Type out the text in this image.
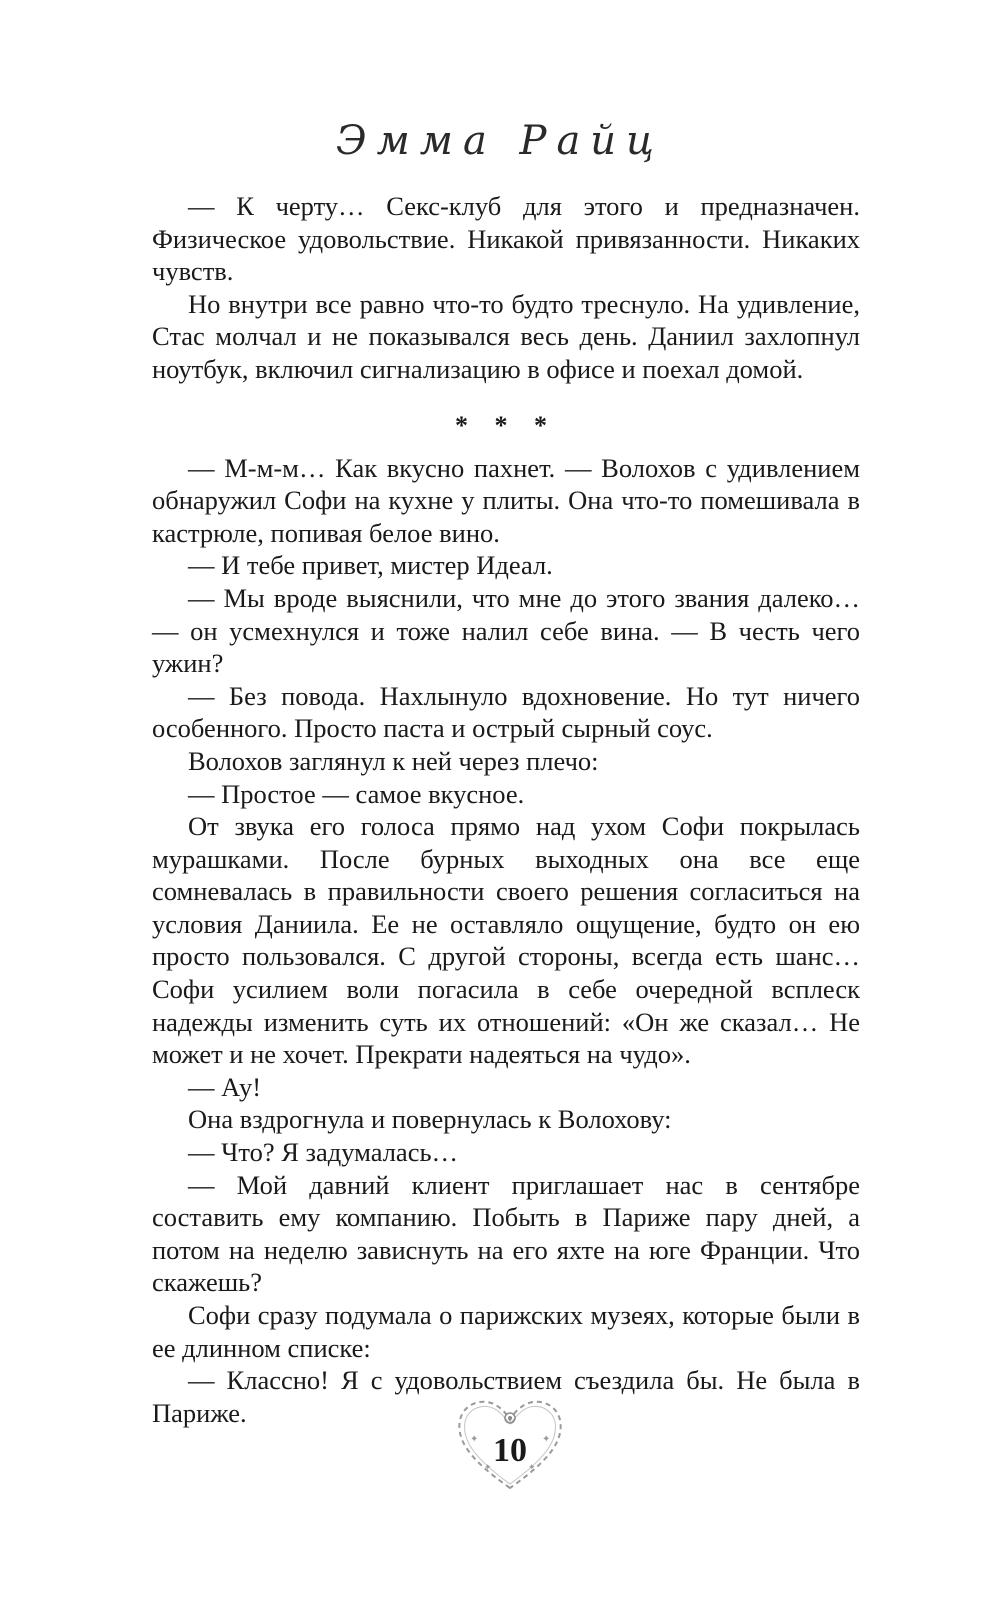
Эмма Райц

— К черту… Секс-клуб для этого и предназначен. Физическое удовольствие. Никакой привязанности. Никаких чувств.

Но внутри все равно что-то будто треснуло. На удивление, Стас молчал и не показывался весь день. Даниил захлопнул ноутбук, включил сигнализацию в офисе и поехал домой.

* * *

— М-м-м… Как вкусно пахнет. — Волохов с удивлением обнаружил Софи на кухне у плиты. Она что-то помешивала в кастрюле, попивая белое вино.

— И тебе привет, мистер Идеал.

— Мы вроде выяснили, что мне до этого звания далеко… — он усмехнулся и тоже налил себе вина. — В честь чего ужин?

— Без повода. Нахлынуло вдохновение. Но тут ничего особенного. Просто паста и острый сырный соус.

Волохов заглянул к ней через плечо:

— Простое — самое вкусное.

От звука его голоса прямо над ухом Софи покрылась мурашками. После бурных выходных она все еще сомневалась в правильности своего решения согласиться на условия Даниила. Ее не оставляло ощущение, будто он ею просто пользовался. С другой стороны, всегда есть шанс… Софи усилием воли погасила в себе очередной всплеск надежды изменить суть их отношений: «Он же сказал… Не может и не хочет. Прекрати надеяться на чудо».

— Ау!

Она вздрогнула и повернулась к Волохову:

— Что? Я задумалась…

— Мой давний клиент приглашает нас в сентябре составить ему компанию. Побыть в Париже пару дней, а потом на неделю зависнуть на его яхте на юге Франции. Что скажешь?

Софи сразу подумала о парижских музеях, которые были в ее длинном списке:

— Классно! Я с удовольствием съездила бы. Не была в Париже.

✦	✦
✦	✦
10
